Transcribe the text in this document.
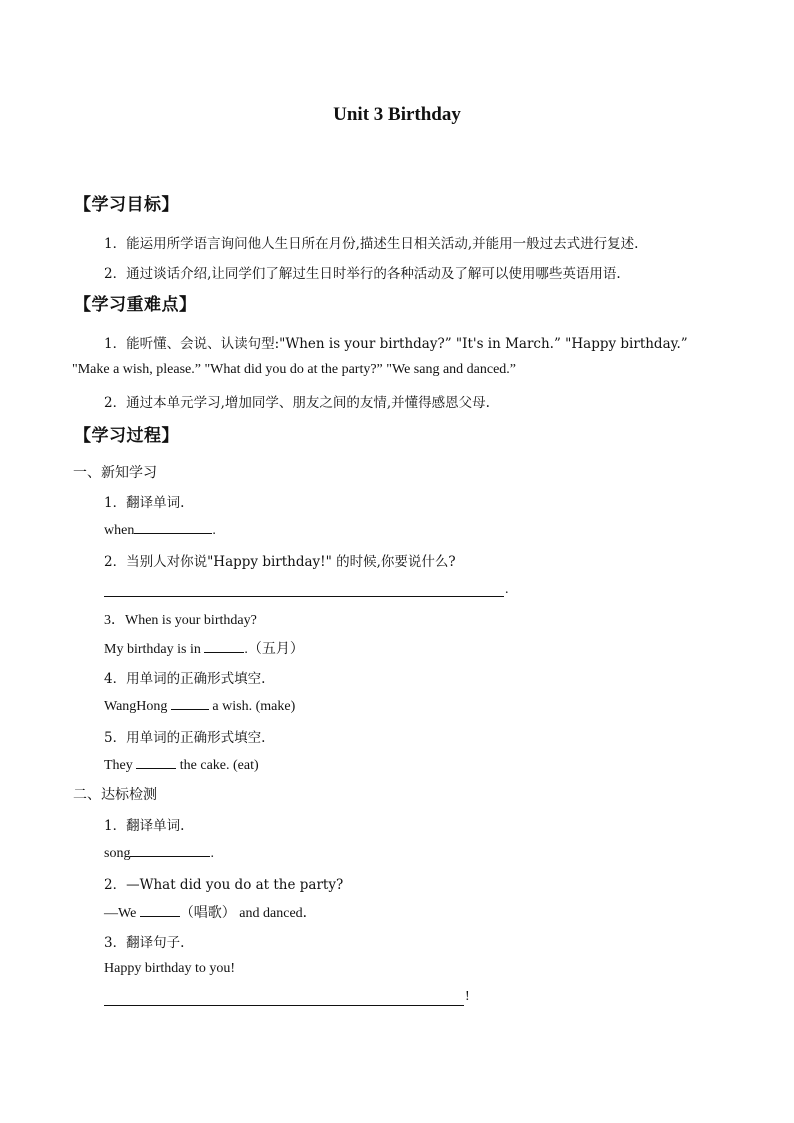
Unit 3 Birthday
【学习目标】
1．能运用所学语言询问他人生日所在月份,描述生日相关活动,并能用一般过去式进行复述.
2．通过谈话介绍,让同学们了解过生日时举行的各种活动及了解可以使用哪些英语用语.
【学习重难点】
1．能听懂、会说、认读句型:"When is your birthday?” "It's in March.” "Happy birthday.”
"Make a wish, please.” "What did you do at the party?” "We sang and danced.”
2．通过本单元学习,增加同学、朋友之间的友情,并懂得感恩父母.
【学习过程】
一、新知学习
1．翻译单词.
when	.
2．当别人对你说"Happy birthday!" 的时候,你要说什么?
.
3．When is your birthday?
My birthday is in	.（五月）
4．用单词的正确形式填空.
WangHong	a wish. (make)
5．用单词的正确形式填空.
They	the cake. (eat)
二、达标检测
1．翻译单词.
song	.
2．—What did you do at the party?
—We	（唱歌） and danced．
3．翻译句子.
Happy birthday to you!
!
